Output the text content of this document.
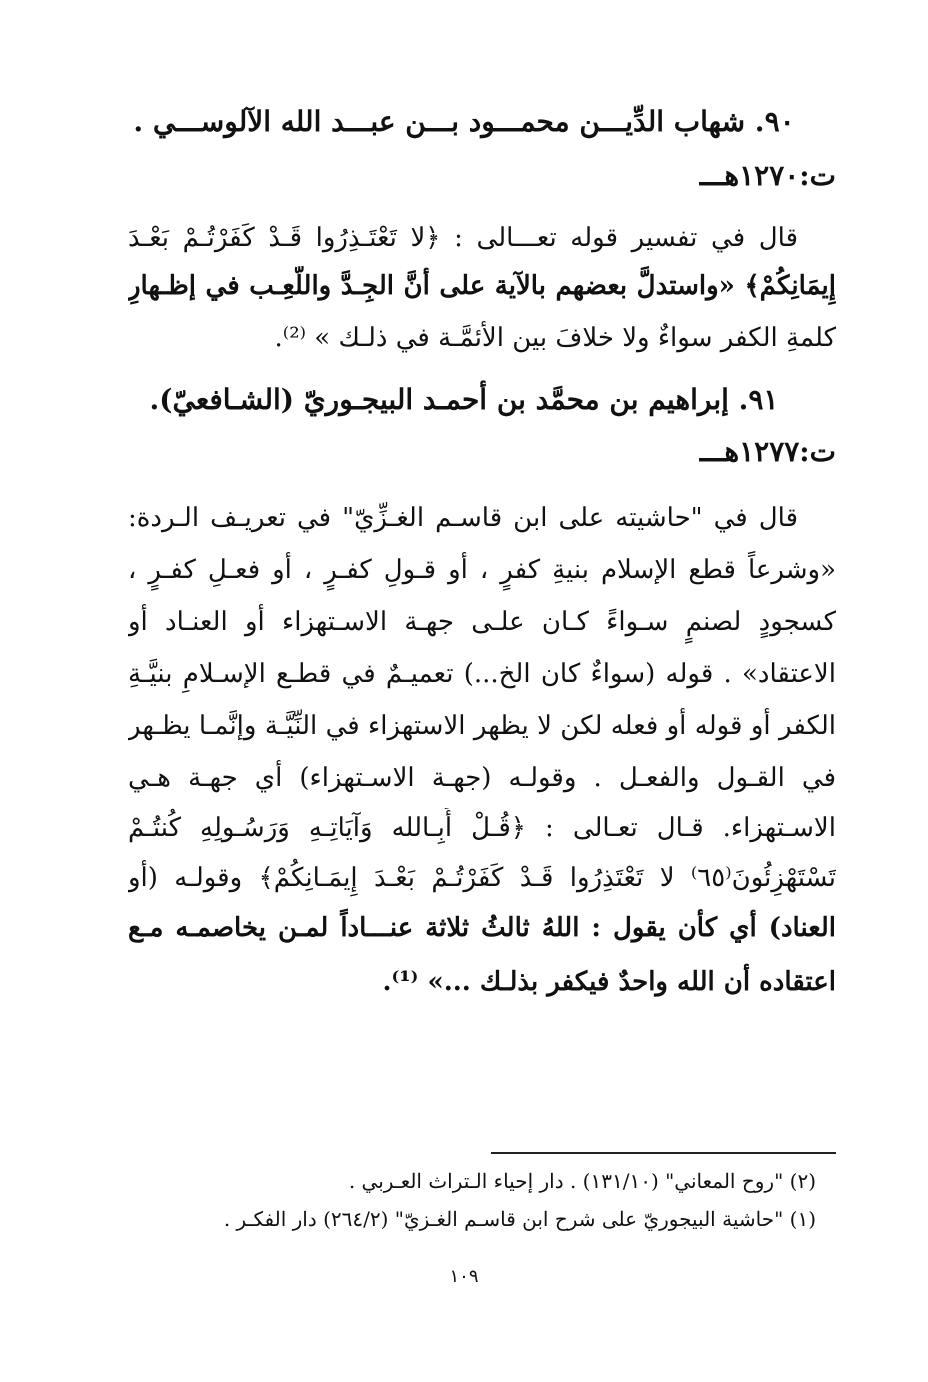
٩٠. شهاب الدِّيـــن محمـــود بـــن عبـــد الله الآلوســـي .
ت:١٢٧٠هـــ
قال في تفسير قوله تعـــالى : ﴿لا تَعْتَـذِرُوا قَـدْ كَفَرْتُـمْ بَعْـدَ
إِيمَانِكُمْ﴾ «واستدلَّ بعضهم بالآية على أنَّ الجِـدَّ واللَّعِـب في إظـهارِ
كلمةِ الكفر سواءٌ ولا خلافَ بين الأئمَّـة في ذلـك » ⁽²⁾.
٩١. إبراهيم بن محمَّد بن أحمـد البيجـوريّ (الشـافعيّ).
ت:١٢٧٧هـــ
قال في "حاشيته على ابن قاسـم الغـزِّيّ" في تعريـف الـردة:
«وشرعاً قطع الإسلام بنيةِ كفرٍ ، أو قـولِ كفـرٍ ، أو فعـلِ كفـرٍ ،
كسجودٍ لصنمٍ سـواءً كـان علـى جهـة الاسـتهزاء أو العنـاد أو
الاعتقاد» . قوله (سواءٌ كان الخ...) تعميـمٌ في قطـع الإسـلامِ بنيَّـةِ
الكفر أو قوله أو فعله لكن لا يظهر الاستهزاء في النِّيَّـة وإنَّمـا يظـهر
في القـول والفعـل . وقولـه (جهـة الاسـتهزاء) أي جهـة هـي
الاسـتهزاء. قـال تعـالى : ﴿قُـلْ أَبِـالله وَآيَاتِـهِ وَرَسُـولِهِ كُنتُـمْ
تَسْتَهْزِئُونَ⁽٦٥⁾ لا تَعْتَذِرُوا قَـدْ كَفَرْتُـمْ بَعْـدَ إِيمَـانِكُمْ﴾ وقولـه (أو
العناد) أي كأن يقول : اللهُ ثالثُ ثلاثة عنـــاداً لمـن يخاصمـه مـع
اعتقاده أن الله واحدٌ فيكفر بذلـك ...» ⁽¹⁾.
(٢) "روح المعاني" (١٣١/١٠) . دار إحياء الـتراث العـربي .
(١) "حاشية البيجوريّ على شرح ابن قاسـم الغـزيّ" (٢٦٤/٢) دار الفكـر .
١٠٩
